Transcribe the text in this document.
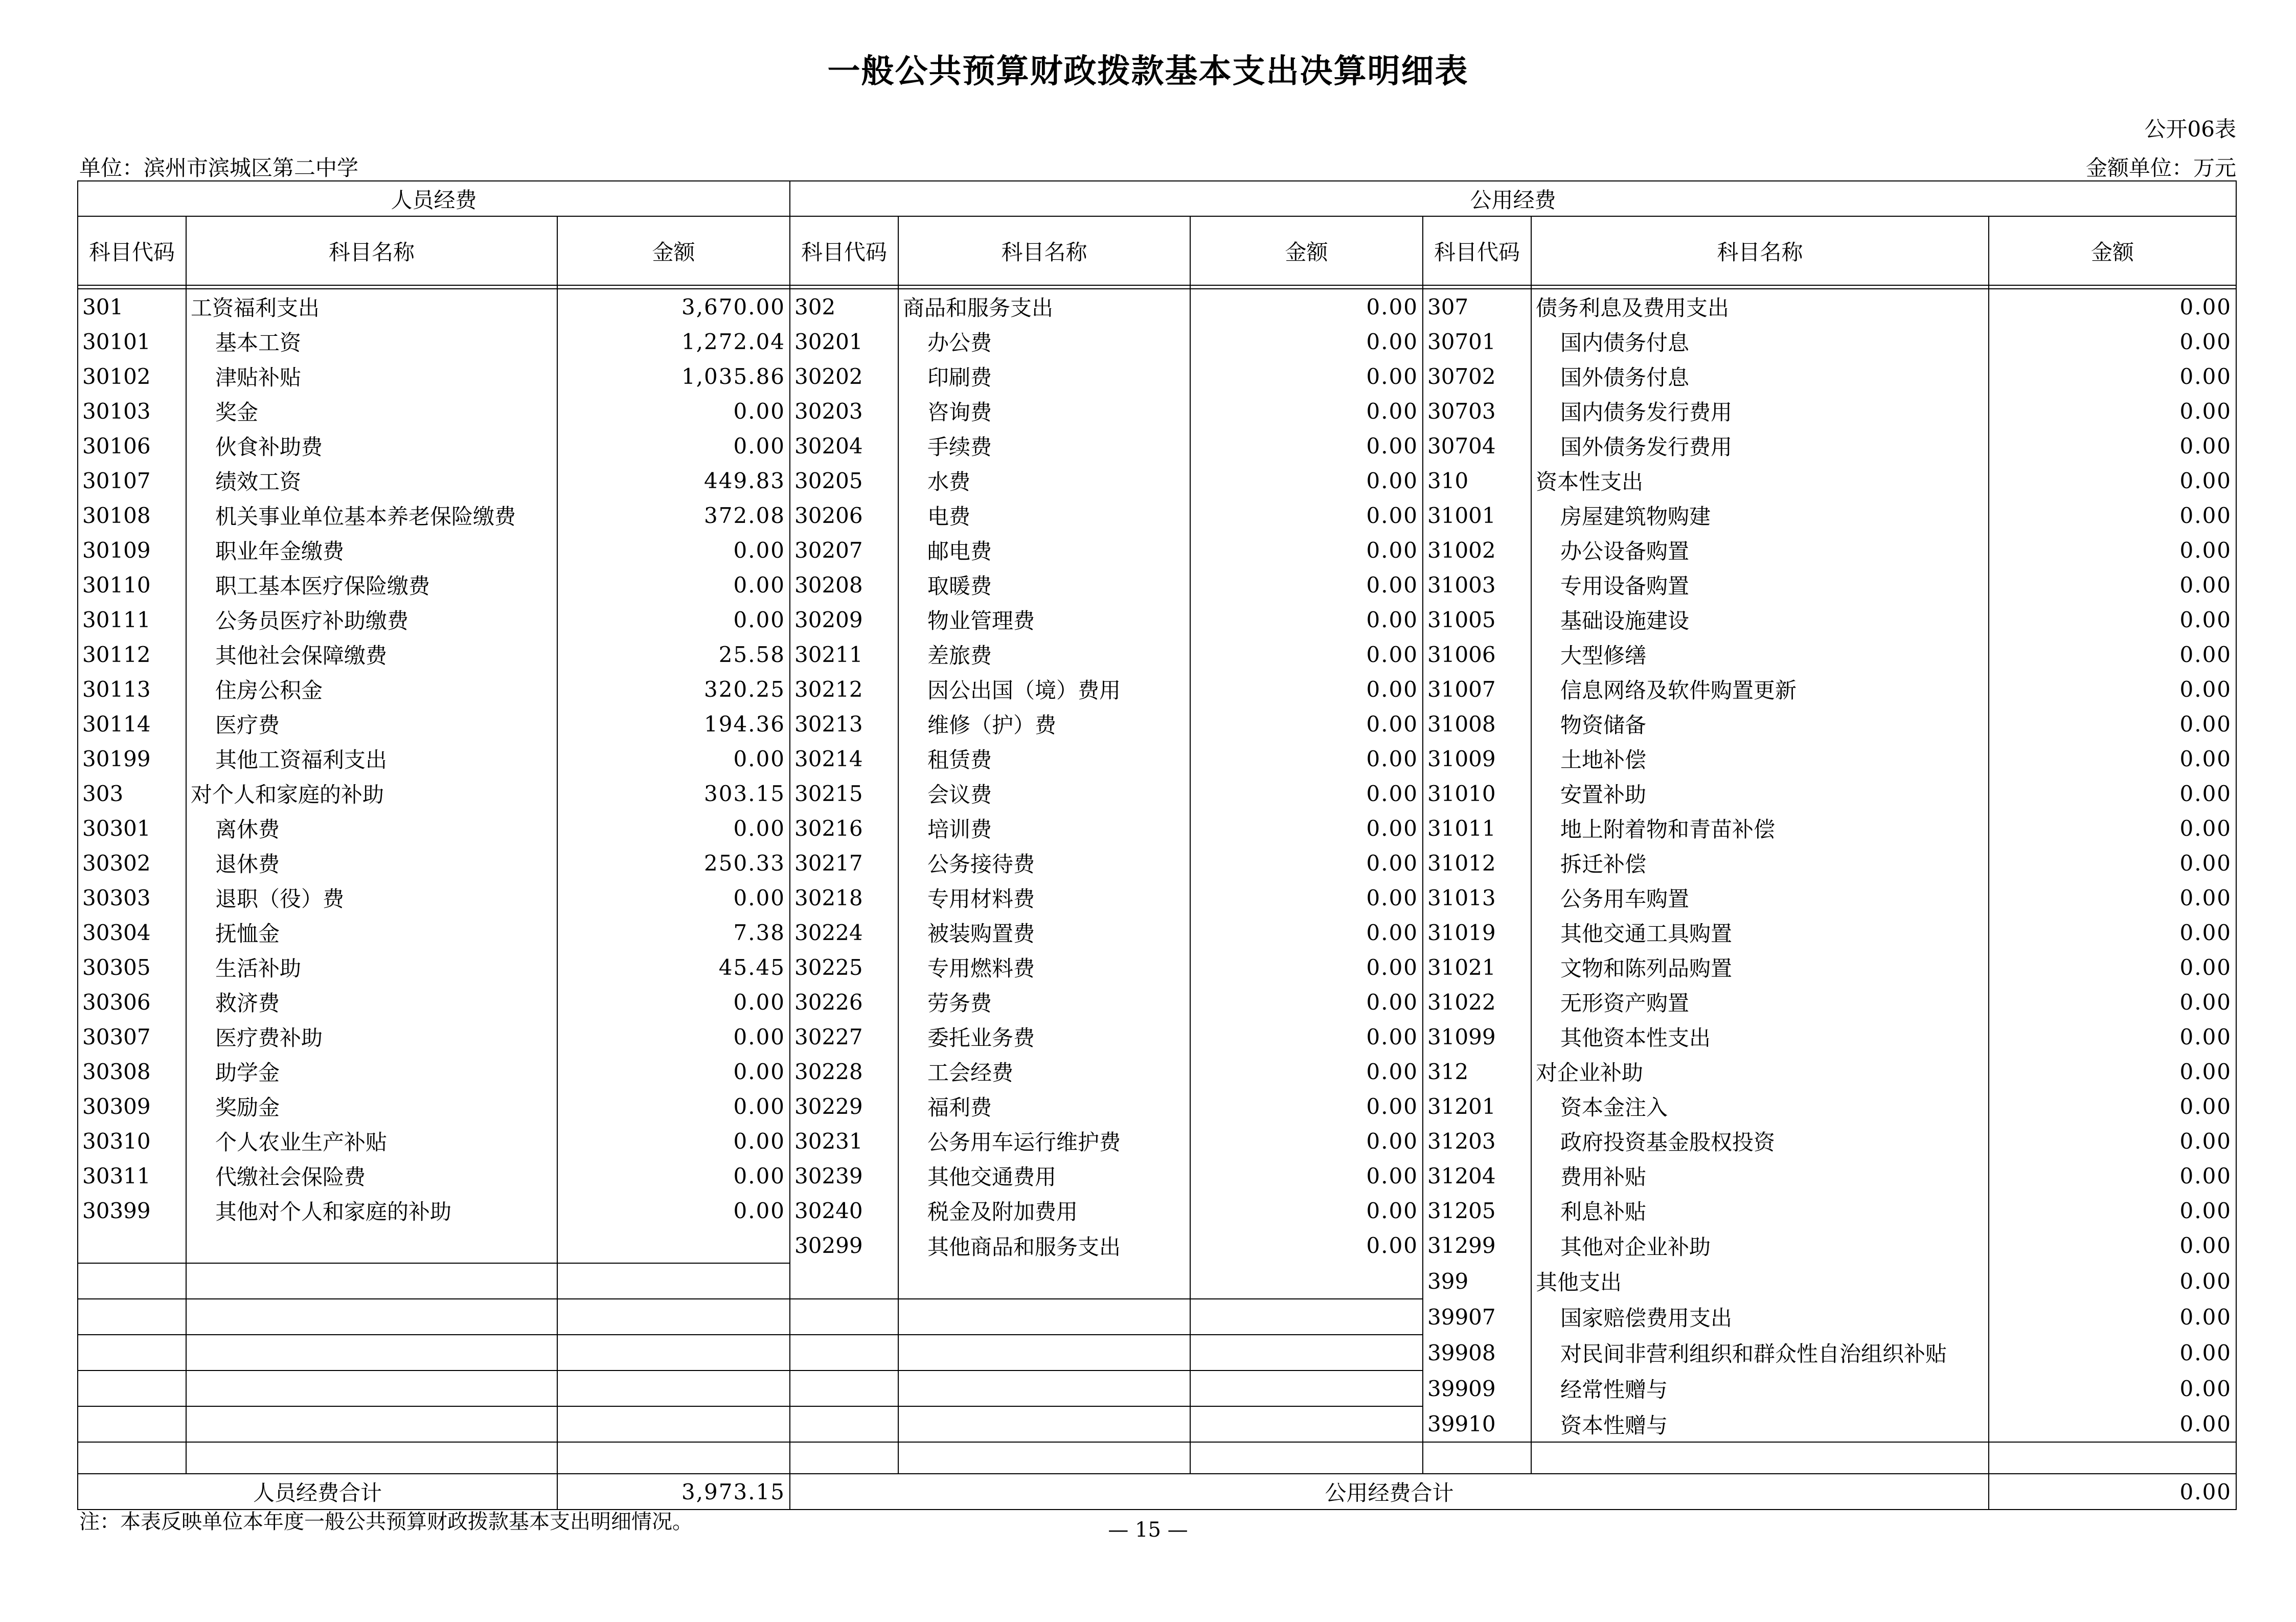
一般公共预算财政拨款基本支出决算明细表
公开06表
单位：滨州市滨城区第二中学	金额单位：万元
人员经费			公用经费					
科目代码	科目名称	金额	科目代码	科目名称	金额	科目代码	科目名称	金额

301	工资福利支出	3,670.00	302	商品和服务支出	0.00	307	债务利息及费用支出	0.00
30101	基本工资	1,272.04	30201	办公费	0.00	30701	国内债务付息	0.00
30102	津贴补贴	1,035.86	30202	印刷费	0.00	30702	国外债务付息	0.00
30103	奖金	0.00	30203	咨询费	0.00	30703	国内债务发行费用	0.00
30106	伙食补助费	0.00	30204	手续费	0.00	30704	国外债务发行费用	0.00
30107	绩效工资	449.83	30205	水费	0.00	310	资本性支出	0.00
30108	机关事业单位基本养老保险缴费	372.08	30206	电费	0.00	31001	房屋建筑物购建	0.00
30109	职业年金缴费	0.00	30207	邮电费	0.00	31002	办公设备购置	0.00
30110	职工基本医疗保险缴费	0.00	30208	取暖费	0.00	31003	专用设备购置	0.00
30111	公务员医疗补助缴费	0.00	30209	物业管理费	0.00	31005	基础设施建设	0.00
30112	其他社会保障缴费	25.58	30211	差旅费	0.00	31006	大型修缮	0.00
30113	住房公积金	320.25	30212	因公出国（境）费用	0.00	31007	信息网络及软件购置更新	0.00
30114	医疗费	194.36	30213	维修（护）费	0.00	31008	物资储备	0.00
30199	其他工资福利支出	0.00	30214	租赁费	0.00	31009	土地补偿	0.00
303	对个人和家庭的补助	303.15	30215	会议费	0.00	31010	安置补助	0.00
30301	离休费	0.00	30216	培训费	0.00	31011	地上附着物和青苗补偿	0.00
30302	退休费	250.33	30217	公务接待费	0.00	31012	拆迁补偿	0.00
30303	退职（役）费	0.00	30218	专用材料费	0.00	31013	公务用车购置	0.00
30304	抚恤金	7.38	30224	被装购置费	0.00	31019	其他交通工具购置	0.00
30305	生活补助	45.45	30225	专用燃料费	0.00	31021	文物和陈列品购置	0.00
30306	救济费	0.00	30226	劳务费	0.00	31022	无形资产购置	0.00
30307	医疗费补助	0.00	30227	委托业务费	0.00	31099	其他资本性支出	0.00
30308	助学金	0.00	30228	工会经费	0.00	312	对企业补助	0.00
30309	奖励金	0.00	30229	福利费	0.00	31201	资本金注入	0.00
30310	个人农业生产补贴	0.00	30231	公务用车运行维护费	0.00	31203	政府投资基金股权投资	0.00
30311	代缴社会保险费	0.00	30239	其他交通费用	0.00	31204	费用补贴	0.00
30399	其他对个人和家庭的补助	0.00	30240	税金及附加费用	0.00	31205	利息补贴	0.00
			30299	其他商品和服务支出	0.00	31299	其他对企业补助	0.00
						399	其他支出	0.00
						39907	国家赔偿费用支出	0.00
						39908	对民间非营利组织和群众性自治组织补贴	0.00
						39909	经常性赠与	0.00
						39910	资本性赠与	0.00

人员经费合计		3,973.15	公用经费合计					0.00
注：本表反映单位本年度一般公共预算财政拨款基本支出明细情况。	— 15 —
